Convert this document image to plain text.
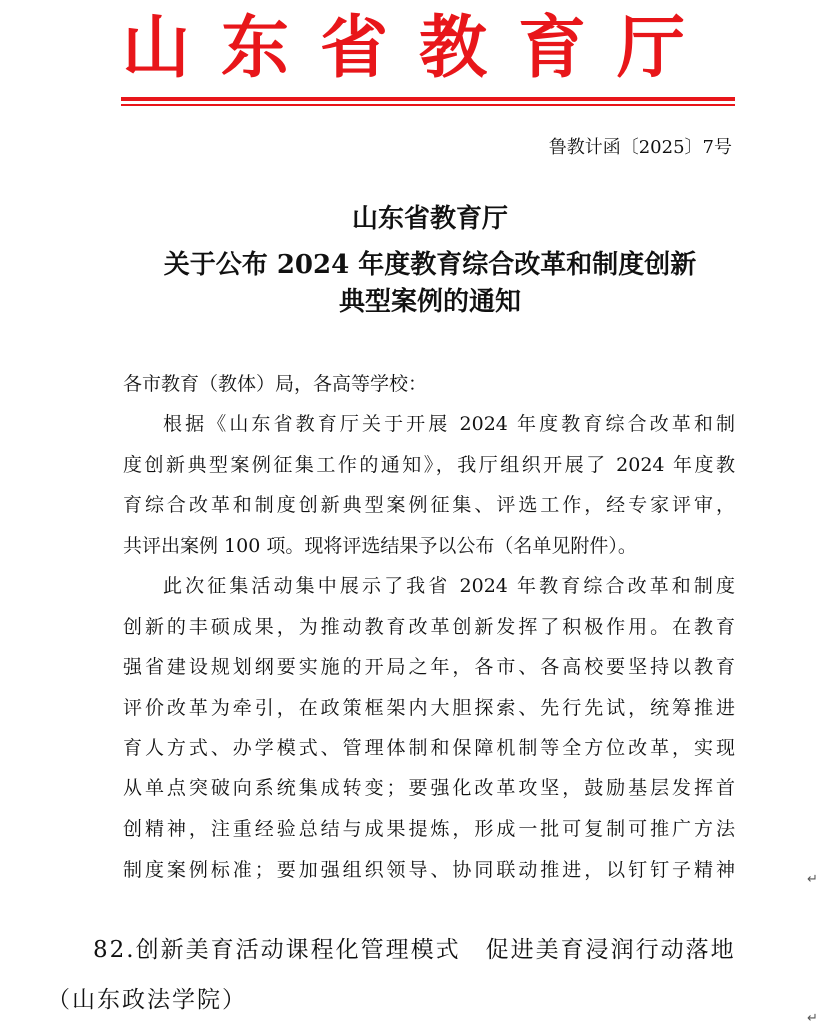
山东省教育厅
鲁教计函〔2025〕7号
山东省教育厅
关于公布 2024 年度教育综合改革和制度创新
典型案例的通知
各市教育（教体）局，各高等学校：
根据《山东省教育厅关于开展 2024 年度教育综合改革和制
度创新典型案例征集工作的通知》，我厅组织开展了 2024 年度教
育综合改革和制度创新典型案例征集、评选工作，经专家评审，
共评出案例 100 项。现将评选结果予以公布（名单见附件）。
此次征集活动集中展示了我省 2024 年教育综合改革和制度
创新的丰硕成果，为推动教育改革创新发挥了积极作用。在教育
强省建设规划纲要实施的开局之年，各市、各高校要坚持以教育
评价改革为牵引，在政策框架内大胆探索、先行先试，统筹推进
育人方式、办学模式、管理体制和保障机制等全方位改革，实现
从单点突破向系统集成转变；要强化改革攻坚，鼓励基层发挥首
创精神，注重经验总结与成果提炼，形成一批可复制可推广方法
制度案例标准；要加强组织领导、协同联动推进，以钉钉子精神	↵
82.创新美育活动课程化管理模式　促进美育浸润行动落地
（山东政法学院）
↵
